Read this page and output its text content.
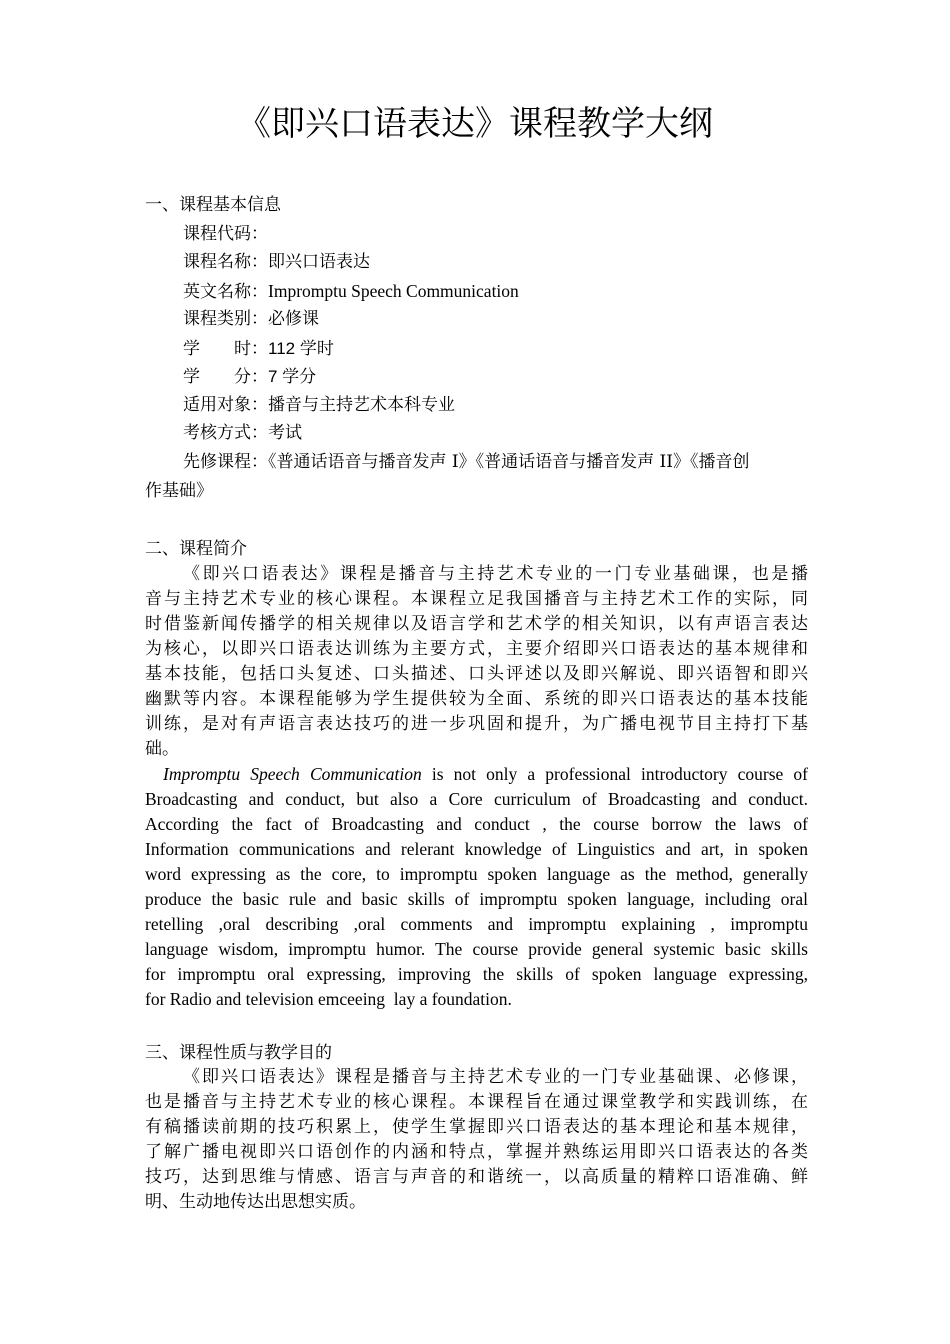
《即兴口语表达》课程教学大纲
一、课程基本信息
课程代码：
课程名称：即兴口语表达
英文名称：Impromptu Speech Communication
课程类别：必修课
学　　时：112 学时
学　　分：7 学分
适用对象：播音与主持艺术本科专业
考核方式：考试
先修课程：《普通话语音与播音发声 I》《普通话语音与播音发声 II》《播音创
作基础》
二、课程简介
《即兴口语表达》课程是播音与主持艺术专业的一门专业基础课，也是播
音与主持艺术专业的核心课程。本课程立足我国播音与主持艺术工作的实际，同
时借鉴新闻传播学的相关规律以及语言学和艺术学的相关知识，以有声语言表达
为核心，以即兴口语表达训练为主要方式，主要介绍即兴口语表达的基本规律和
基本技能，包括口头复述、口头描述、口头评述以及即兴解说、即兴语智和即兴
幽默等内容。本课程能够为学生提供较为全面、系统的即兴口语表达的基本技能
训练，是对有声语言表达技巧的进一步巩固和提升，为广播电视节目主持打下基
础。
Impromptu Speech Communication is not only a professional introductory course of
Broadcasting and conduct, but also a Core curriculum of Broadcasting and conduct.
According the fact of Broadcasting and conduct , the course borrow the laws of
Information communications and relerant knowledge of Linguistics and art, in spoken
word expressing as the core, to impromptu spoken language as the method, generally
produce the basic rule and basic skills of impromptu spoken language, including oral
retelling ,oral describing ,oral comments and impromptu explaining , impromptu
language wisdom, impromptu humor. The course provide general systemic basic skills
for impromptu oral expressing, improving the skills of spoken language expressing,
for Radio and television emceeing  lay a foundation.
三、课程性质与教学目的
《即兴口语表达》课程是播音与主持艺术专业的一门专业基础课、必修课，
也是播音与主持艺术专业的核心课程。本课程旨在通过课堂教学和实践训练，在
有稿播读前期的技巧积累上，使学生掌握即兴口语表达的基本理论和基本规律，
了解广播电视即兴口语创作的内涵和特点，掌握并熟练运用即兴口语表达的各类
技巧，达到思维与情感、语言与声音的和谐统一，以高质量的精粹口语准确、鲜
明、生动地传达出思想实质。
